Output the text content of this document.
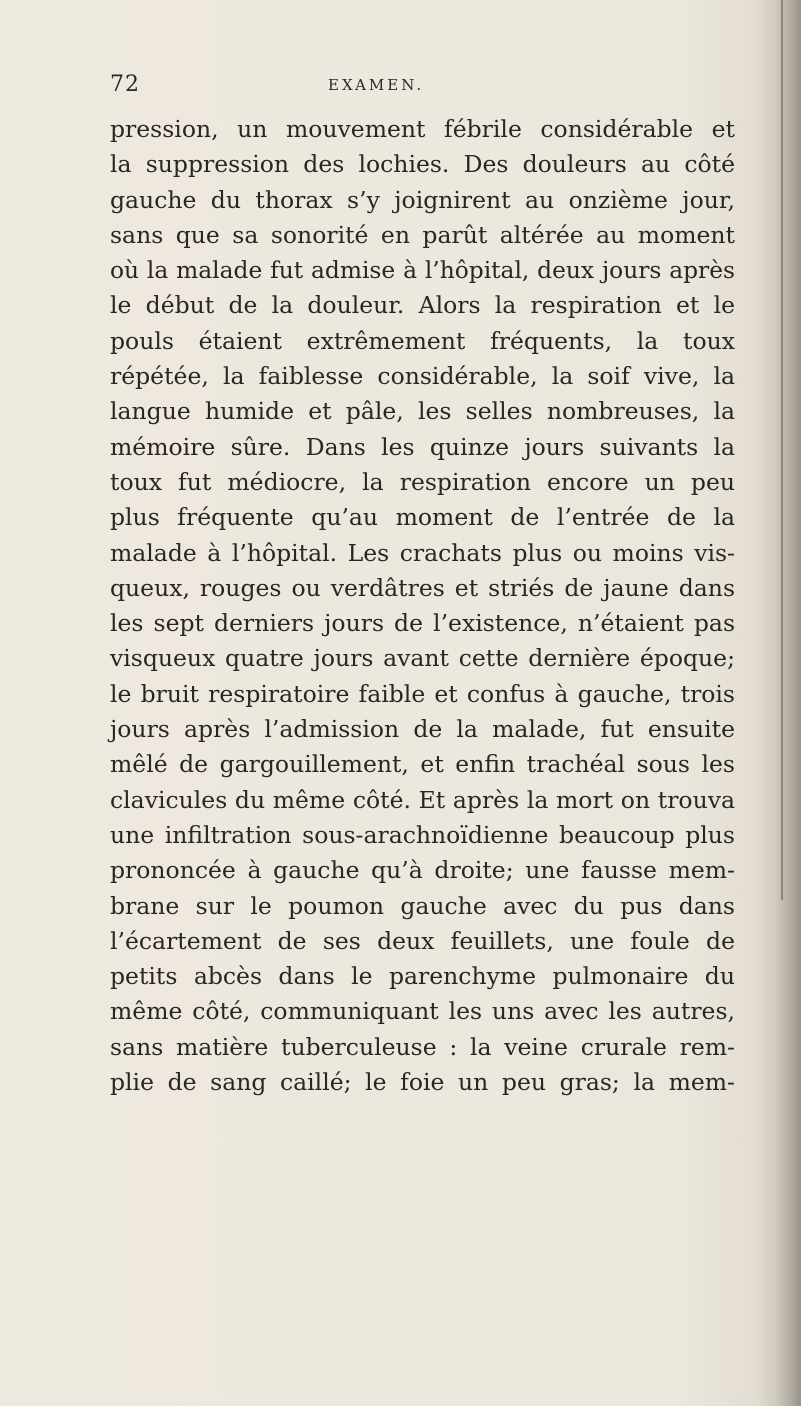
72	EXAMEN.
pression, un mouvement fébrile considérable et
la suppression des lochies. Des douleurs au côté
gauche du thorax s’y joignirent au onzième jour,
sans que sa sonorité en parût altérée au moment
où la malade fut admise à l’hôpital, deux jours après
le début de la douleur. Alors la respiration et le
pouls étaient extrêmement fréquents, la toux
répétée, la faiblesse considérable, la soif vive, la
langue humide et pâle, les selles nombreuses, la
mémoire sûre. Dans les quinze jours suivants la
toux fut médiocre, la respiration encore un peu
plus fréquente qu’au moment de l’entrée de la
malade à l’hôpital. Les crachats plus ou moins vis-
queux, rouges ou verdâtres et striés de jaune dans
les sept derniers jours de l’existence, n’étaient pas
visqueux quatre jours avant cette dernière époque;
le bruit respiratoire faible et confus à gauche, trois
jours après l’admission de la malade, fut ensuite
mêlé de gargouillement, et enfin trachéal sous les
clavicules du même côté. Et après la mort on trouva
une infiltration sous-arachnoïdienne beaucoup plus
prononcée à gauche qu’à droite; une fausse mem-
brane sur le poumon gauche avec du pus dans
l’écartement de ses deux feuillets, une foule de
petits abcès dans le parenchyme pulmonaire du
même côté, communiquant les uns avec les autres,
sans matière tuberculeuse : la veine crurale rem-
plie de sang caillé; le foie un peu gras; la mem-
